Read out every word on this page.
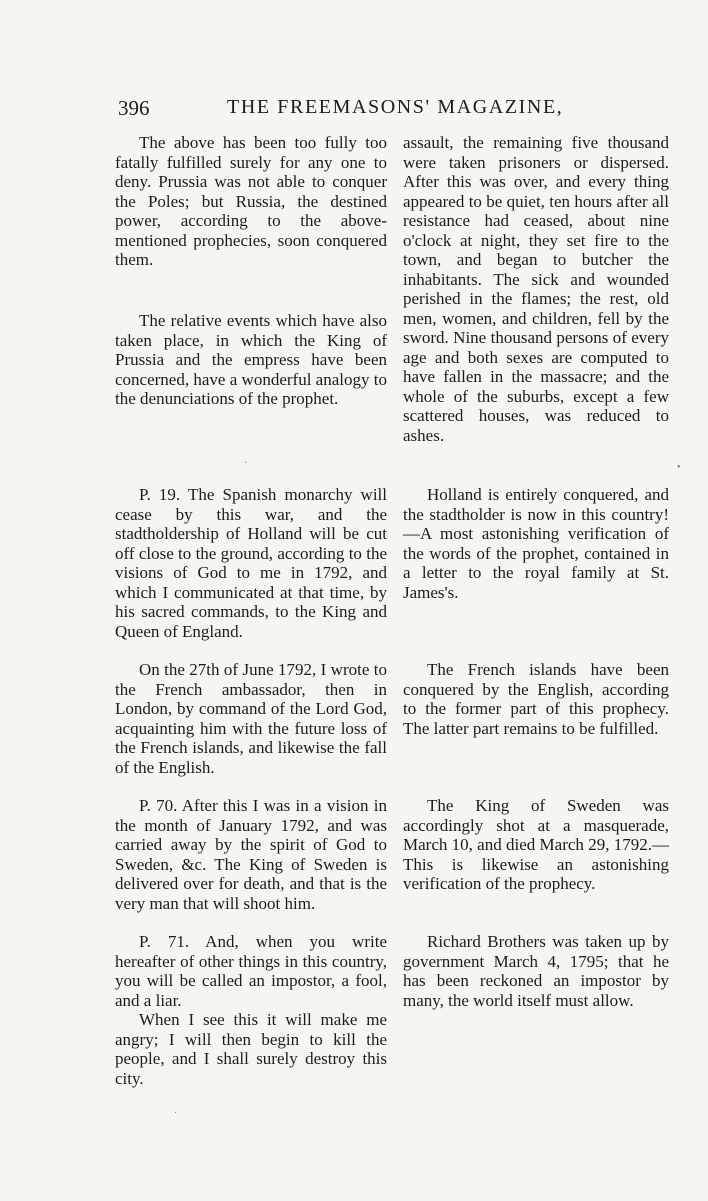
396	THE FREEMASONS' MAGAZINE,

The above has been too fully too fatally fulfilled surely for any one to deny. Prussia was not able to conquer the Poles; but Russia, the destined power, according to the above-mentioned prophecies, soon conquered them.

The relative events which have also taken place, in which the King of Prussia and the empress have been concerned, have a wonderful analogy to the denunciations of the prophet.

P. 19. The Spanish monarchy will cease by this war, and the stadtholdership of Holland will be cut off close to the ground, according to the visions of God to me in 1792, and which I communicated at that time, by his sacred commands, to the King and Queen of England.

On the 27th of June 1792, I wrote to the French ambassador, then in London, by command of the Lord God, acquainting him with the future loss of the French islands, and likewise the fall of the English.

P. 70. After this I was in a vision in the month of January 1792, and was carried away by the spirit of God to Sweden, &c. The King of Sweden is delivered over for death, and that is the very man that will shoot him.

P. 71. And, when you write hereafter of other things in this country, you will be called an impostor, a fool, and a liar.

When I see this it will make me angry; I will then begin to kill the people, and I shall surely destroy this city.

assault, the remaining five thousand were taken prisoners or dispersed. After this was over, and every thing appeared to be quiet, ten hours after all resistance had ceased, about nine o'clock at night, they set fire to the town, and began to butcher the inhabitants. The sick and wounded perished in the flames; the rest, old men, women, and children, fell by the sword. Nine thousand persons of every age and both sexes are computed to have fallen in the massacre; and the whole of the suburbs, except a few scattered houses, was reduced to ashes.

Holland is entirely conquered, and the stadtholder is now in this country!—A most astonishing verification of the words of the prophet, contained in a letter to the royal family at St. James's.

The French islands have been conquered by the English, according to the former part of this prophecy. The latter part remains to be fulfilled.

The King of Sweden was accordingly shot at a masquerade, March 10, and died March 29, 1792.—This is likewise an astonishing verification of the prophecy.

Richard Brothers was taken up by government March 4, 1795; that he has been reckoned an impostor by many, the world itself must allow.

·	•
·
